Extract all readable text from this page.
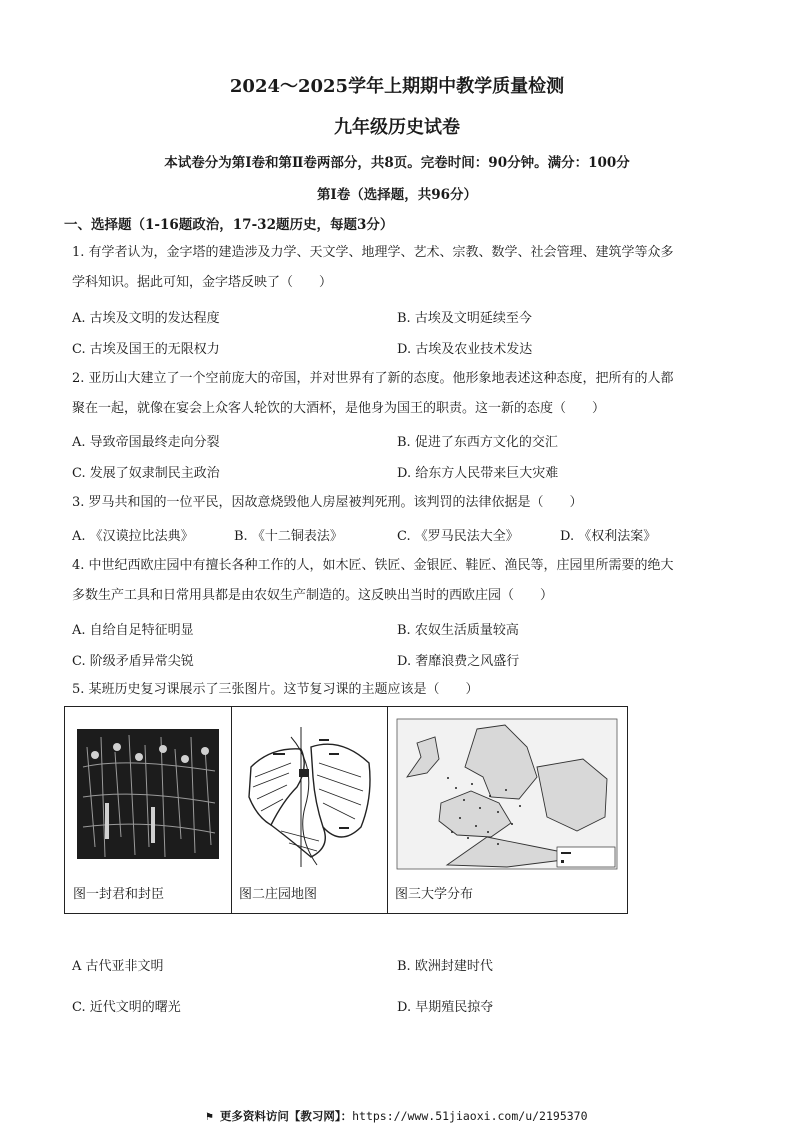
2024～2025学年上期期中教学质量检测
九年级历史试卷
本试卷分为第Ⅰ卷和第Ⅱ卷两部分，共8页。完卷时间：90分钟。满分：100分
第Ⅰ卷（选择题，共96分）
一、选择题（1-16题政治，17-32题历史，每题3分）
1. 有学者认为，金字塔的建造涉及力学、天文学、地理学、艺术、宗教、数学、社会管理、建筑学等众多
学科知识。据此可知，金字塔反映了（　　）
A. 古埃及文明的发达程度	B. 古埃及文明延续至今
C. 古埃及国王的无限权力	D. 古埃及农业技术发达
2. 亚历山大建立了一个空前庞大的帝国，并对世界有了新的态度。他形象地表述这种态度，把所有的人都
聚在一起，就像在宴会上众客人轮饮的大酒杯，是他身为国王的职责。这一新的态度（　　）
A. 导致帝国最终走向分裂	B. 促进了东西方文化的交汇
C. 发展了奴隶制民主政治	D. 给东方人民带来巨大灾难
3. 罗马共和国的一位平民，因故意烧毁他人房屋被判死刑。该判罚的法律依据是（　　）
A. 《汉谟拉比法典》	B. 《十二铜表法》	C. 《罗马民法大全》	D. 《权利法案》
4. 中世纪西欧庄园中有擅长各种工作的人，如木匠、铁匠、金银匠、鞋匠、渔民等，庄园里所需要的绝大
多数生产工具和日常用具都是由农奴生产制造的。这反映出当时的西欧庄园（　　）
A. 自给自足特征明显	B. 农奴生活质量较高
C. 阶级矛盾异常尖锐	D. 奢靡浪费之风盛行
5. 某班历史复习课展示了三张图片。这节复习课的主题应该是（　　）
图一封君和封臣	图二庄园地图	图三大学分布
A 古代亚非文明	B. 欧洲封建时代
C. 近代文明的曙光	D. 早期殖民掠夺
⚑ 更多资料访问【教习网】：https://www.51jiaoxi.com/u/2195370
